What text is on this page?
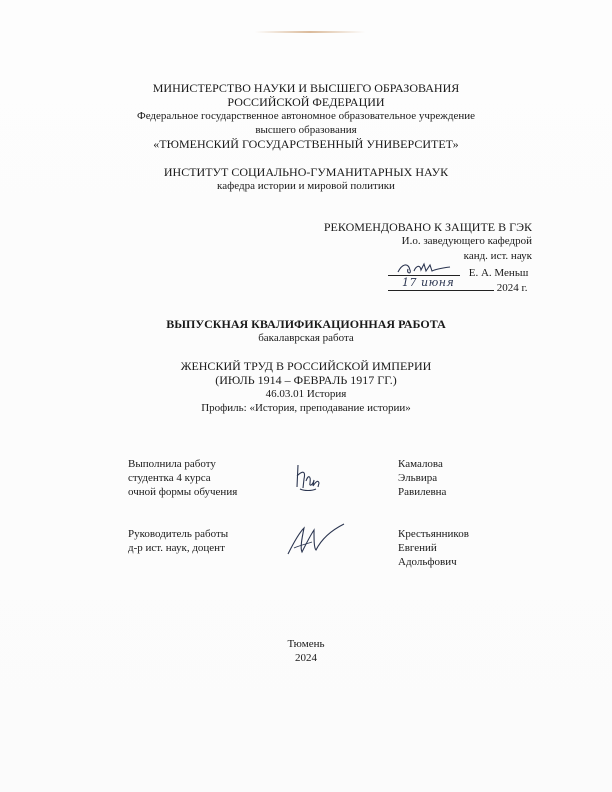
МИНИСТЕРСТВО НАУКИ И ВЫСШЕГО ОБРАЗОВАНИЯ
РОССИЙСКОЙ ФЕДЕРАЦИИ
Федеральное государственное автономное образовательное учреждение
высшего образования
«ТЮМЕНСКИЙ ГОСУДАРСТВЕННЫЙ УНИВЕРСИТЕТ»
ИНСТИТУТ СОЦИАЛЬНО-ГУМАНИТАРНЫХ НАУК
кафедра истории и мировой политики
РЕКОМЕНДОВАНО К ЗАЩИТЕ В ГЭК
И.о. заведующего кафедрой
канд. ист. наук
Е. А. Меньш
17 июня	2024 г.
ВЫПУСКНАЯ КВАЛИФИКАЦИОННАЯ РАБОТА
бакалаврская работа
ЖЕНСКИЙ ТРУД В РОССИЙСКОЙ ИМПЕРИИ
(ИЮЛЬ 1914 – ФЕВРАЛЬ 1917 ГГ.)
46.03.01 История
Профиль: «История, преподавание истории»
Выполнила работу
студентка 4 курса
очной формы обучения
Камалова
Эльвира
Равилевна
Руководитель работы
д-р ист. наук, доцент
Крестьянников
Евгений
Адольфович
Тюмень
2024
